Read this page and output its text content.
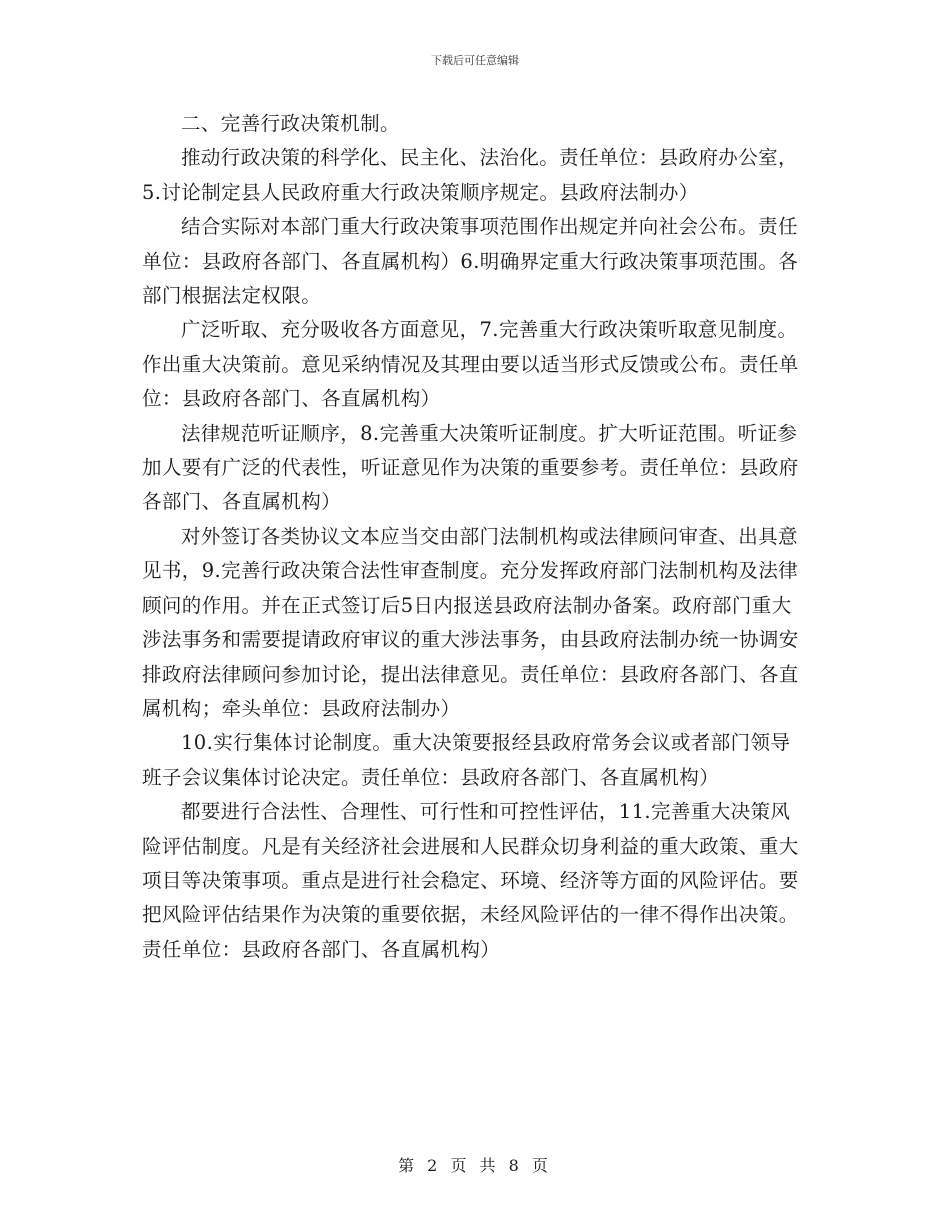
下载后可任意编辑

二、完善行政决策机制。

推动行政决策的科学化、民主化、法治化。责任单位：县政府办公室，5.讨论制定县人民政府重大行政决策顺序规定。县政府法制办）

结合实际对本部门重大行政决策事项范围作出规定并向社会公布。责任单位：县政府各部门、各直属机构）6.明确界定重大行政决策事项范围。各部门根据法定权限。

广泛听取、充分吸收各方面意见，7.完善重大行政决策听取意见制度。作出重大决策前。意见采纳情况及其理由要以适当形式反馈或公布。责任单位：县政府各部门、各直属机构）

法律规范听证顺序，8.完善重大决策听证制度。扩大听证范围。听证参加人要有广泛的代表性，听证意见作为决策的重要参考。责任单位：县政府各部门、各直属机构）

对外签订各类协议文本应当交由部门法制机构或法律顾问审查、出具意见书，9.完善行政决策合法性审查制度。充分发挥政府部门法制机构及法律顾问的作用。并在正式签订后5日内报送县政府法制办备案。政府部门重大涉法事务和需要提请政府审议的重大涉法事务，由县政府法制办统一协调安排政府法律顾问参加讨论，提出法律意见。责任单位：县政府各部门、各直属机构；牵头单位：县政府法制办）

10.实行集体讨论制度。重大决策要报经县政府常务会议或者部门领导班子会议集体讨论决定。责任单位：县政府各部门、各直属机构）

都要进行合法性、合理性、可行性和可控性评估，11.完善重大决策风险评估制度。凡是有关经济社会进展和人民群众切身利益的重大政策、重大项目等决策事项。重点是进行社会稳定、环境、经济等方面的风险评估。要把风险评估结果作为决策的重要依据，未经风险评估的一律不得作出决策。责任单位：县政府各部门、各直属机构）

第 2 页 共 8 页
